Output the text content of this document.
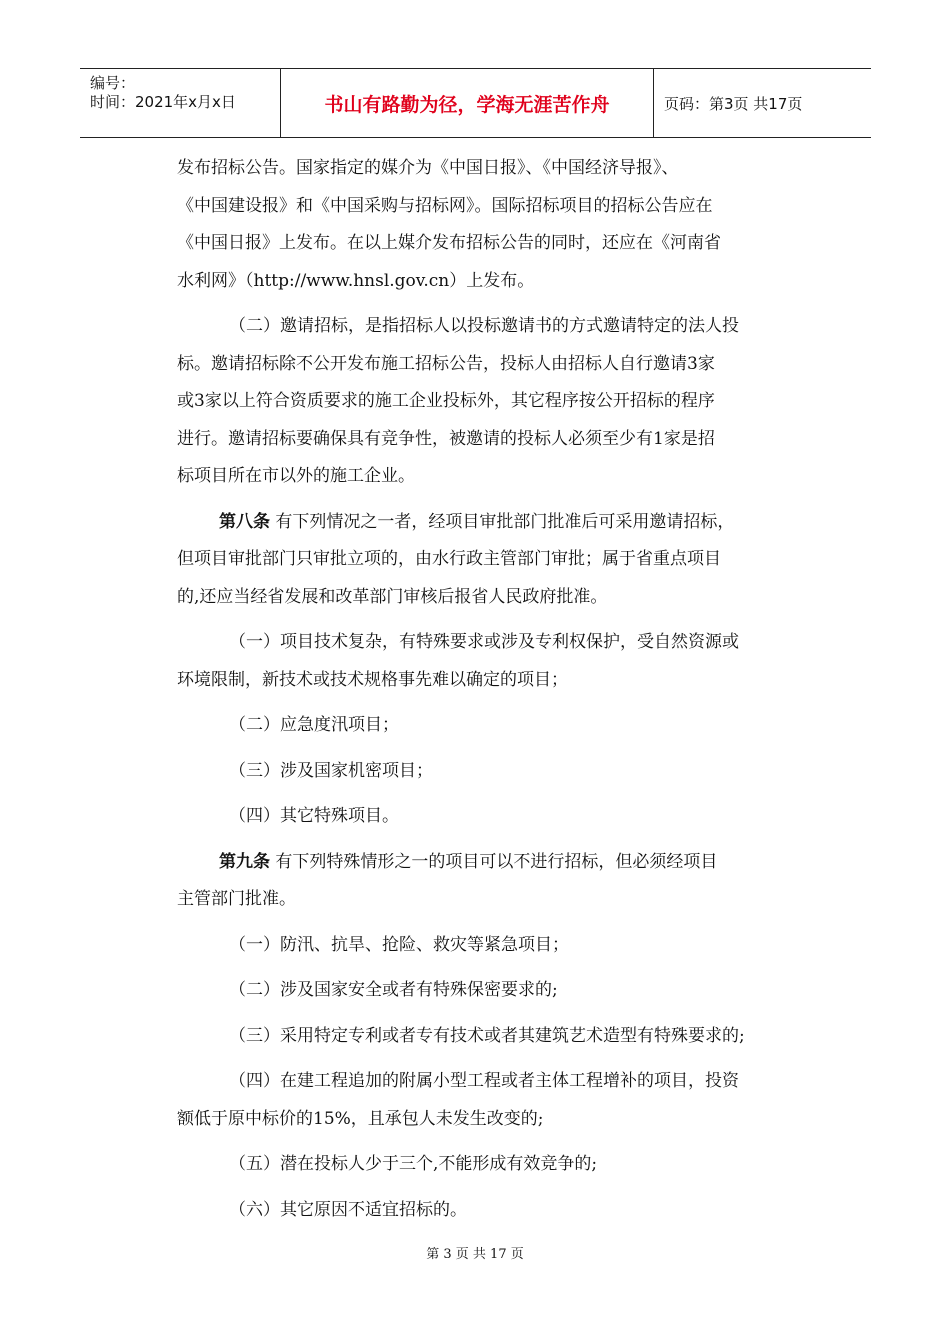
编号：
时间：2021年x月x日	书山有路勤为径，学海无涯苦作舟	页码：第3页 共17页
发布招标公告。国家指定的媒介为《中国日报》、《中国经济导报》、
《中国建设报》和《中国采购与招标网》。国际招标项目的招标公告应在
《中国日报》上发布。在以上媒介发布招标公告的同时，还应在《河南省
水利网》（http://www.hnsl.gov.cn）上发布。
（二）邀请招标，是指招标人以投标邀请书的方式邀请特定的法人投
标。邀请招标除不公开发布施工招标公告，投标人由招标人自行邀请3家
或3家以上符合资质要求的施工企业投标外，其它程序按公开招标的程序
进行。邀请招标要确保具有竞争性，被邀请的投标人必须至少有1家是招
标项目所在市以外的施工企业。
第八条 有下列情况之一者，经项目审批部门批准后可采用邀请招标，
但项目审批部门只审批立项的，由水行政主管部门审批；属于省重点项目
的,还应当经省发展和改革部门审核后报省人民政府批准。
（一）项目技术复杂，有特殊要求或涉及专利权保护，受自然资源或
环境限制，新技术或技术规格事先难以确定的项目；
（二）应急度汛项目；
（三）涉及国家机密项目；
（四）其它特殊项目。
第九条 有下列特殊情形之一的项目可以不进行招标，但必须经项目
主管部门批准。
（一）防汛、抗旱、抢险、救灾等紧急项目；
（二）涉及国家安全或者有特殊保密要求的;
（三）采用特定专利或者专有技术或者其建筑艺术造型有特殊要求的;
（四）在建工程追加的附属小型工程或者主体工程增补的项目，投资
额低于原中标价的15%，且承包人未发生改变的;
（五）潜在投标人少于三个,不能形成有效竞争的;
（六）其它原因不适宜招标的。
第 3 页 共 17 页
